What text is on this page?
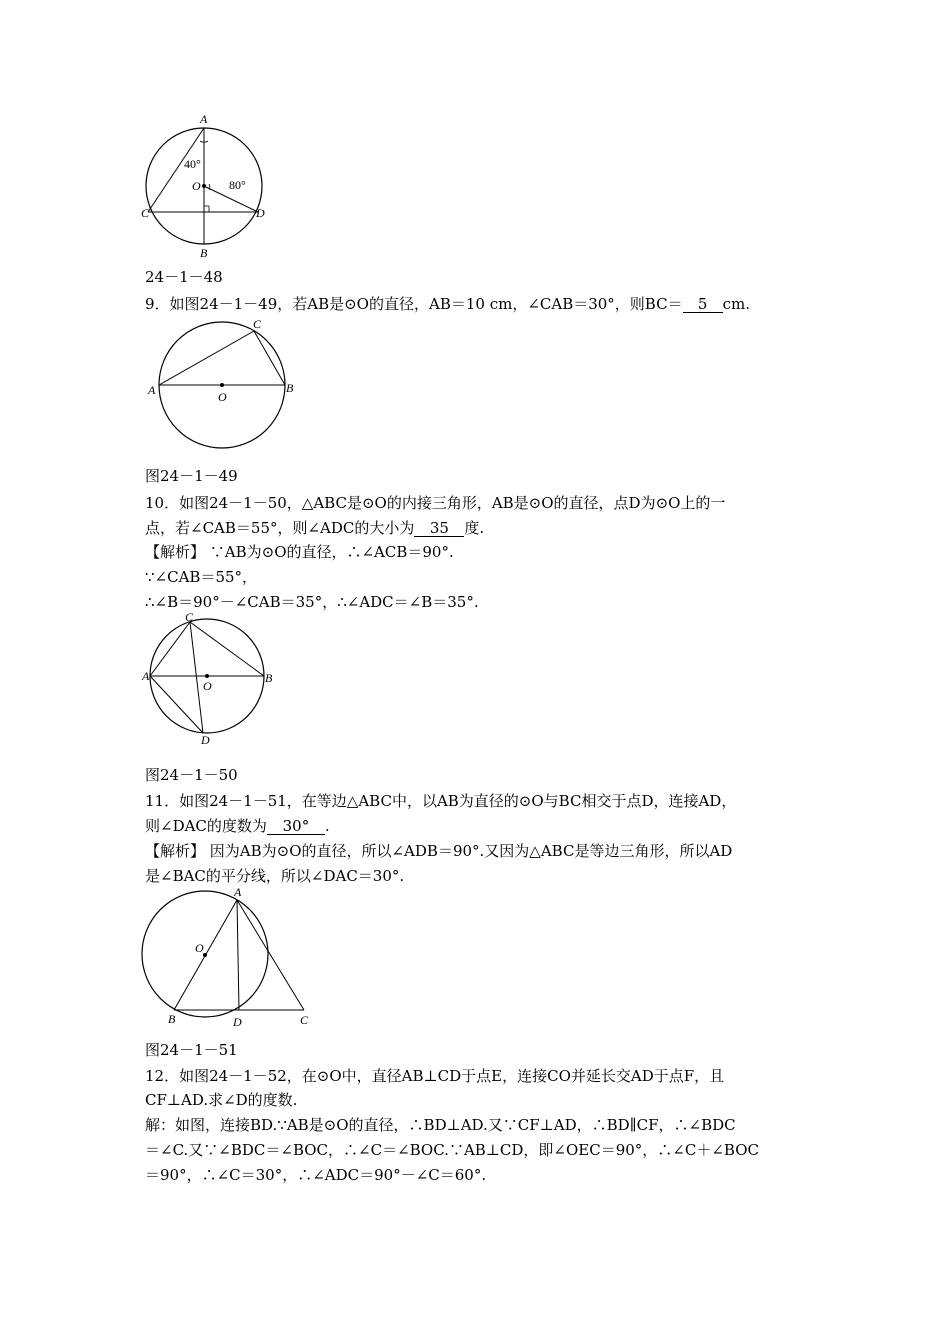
A
B
C	D
O
40°
80°
24－1－48
9．如图24－1－49，若AB是⊙O的直径，AB＝10 cm，∠CAB＝30°，则BC＝ 5 cm.
A	B
C
O
图24－1－49
10．如图24－1－50，△ABC是⊙O的内接三角形，AB是⊙O的直径，点D为⊙O上的一
点，若∠CAB＝55°，则∠ADC的大小为 35 度.
【解析】 ∵AB为⊙O的直径，∴∠ACB＝90°.
∵∠CAB＝55°，
∴∠B＝90°－∠CAB＝35°，∴∠ADC＝∠B＝35°.
A	B
C
D
O
图24－1－50
11．如图24－1－51，在等边△ABC中，以AB为直径的⊙O与BC相交于点D，连接AD，
则∠DAC的度数为 30° .
【解析】 因为AB为⊙O的直径，所以∠ADB＝90°.又因为△ABC是等边三角形，所以AD
是∠BAC的平分线，所以∠DAC＝30°.
A
B	C
D
O
图24－1－51
12．如图24－1－52，在⊙O中，直径AB⊥CD于点E，连接CO并延长交AD于点F，且
CF⊥AD.求∠D的度数.
解：如图，连接BD.∵AB是⊙O的直径，∴BD⊥AD.又∵CF⊥AD，∴BD∥CF，∴∠BDC
＝∠C.又∵∠BDC＝∠BOC，∴∠C＝∠BOC.∵AB⊥CD，即∠OEC＝90°，∴∠C＋∠BOC
＝90°，∴∠C＝30°，∴∠ADC＝90°－∠C＝60°.
